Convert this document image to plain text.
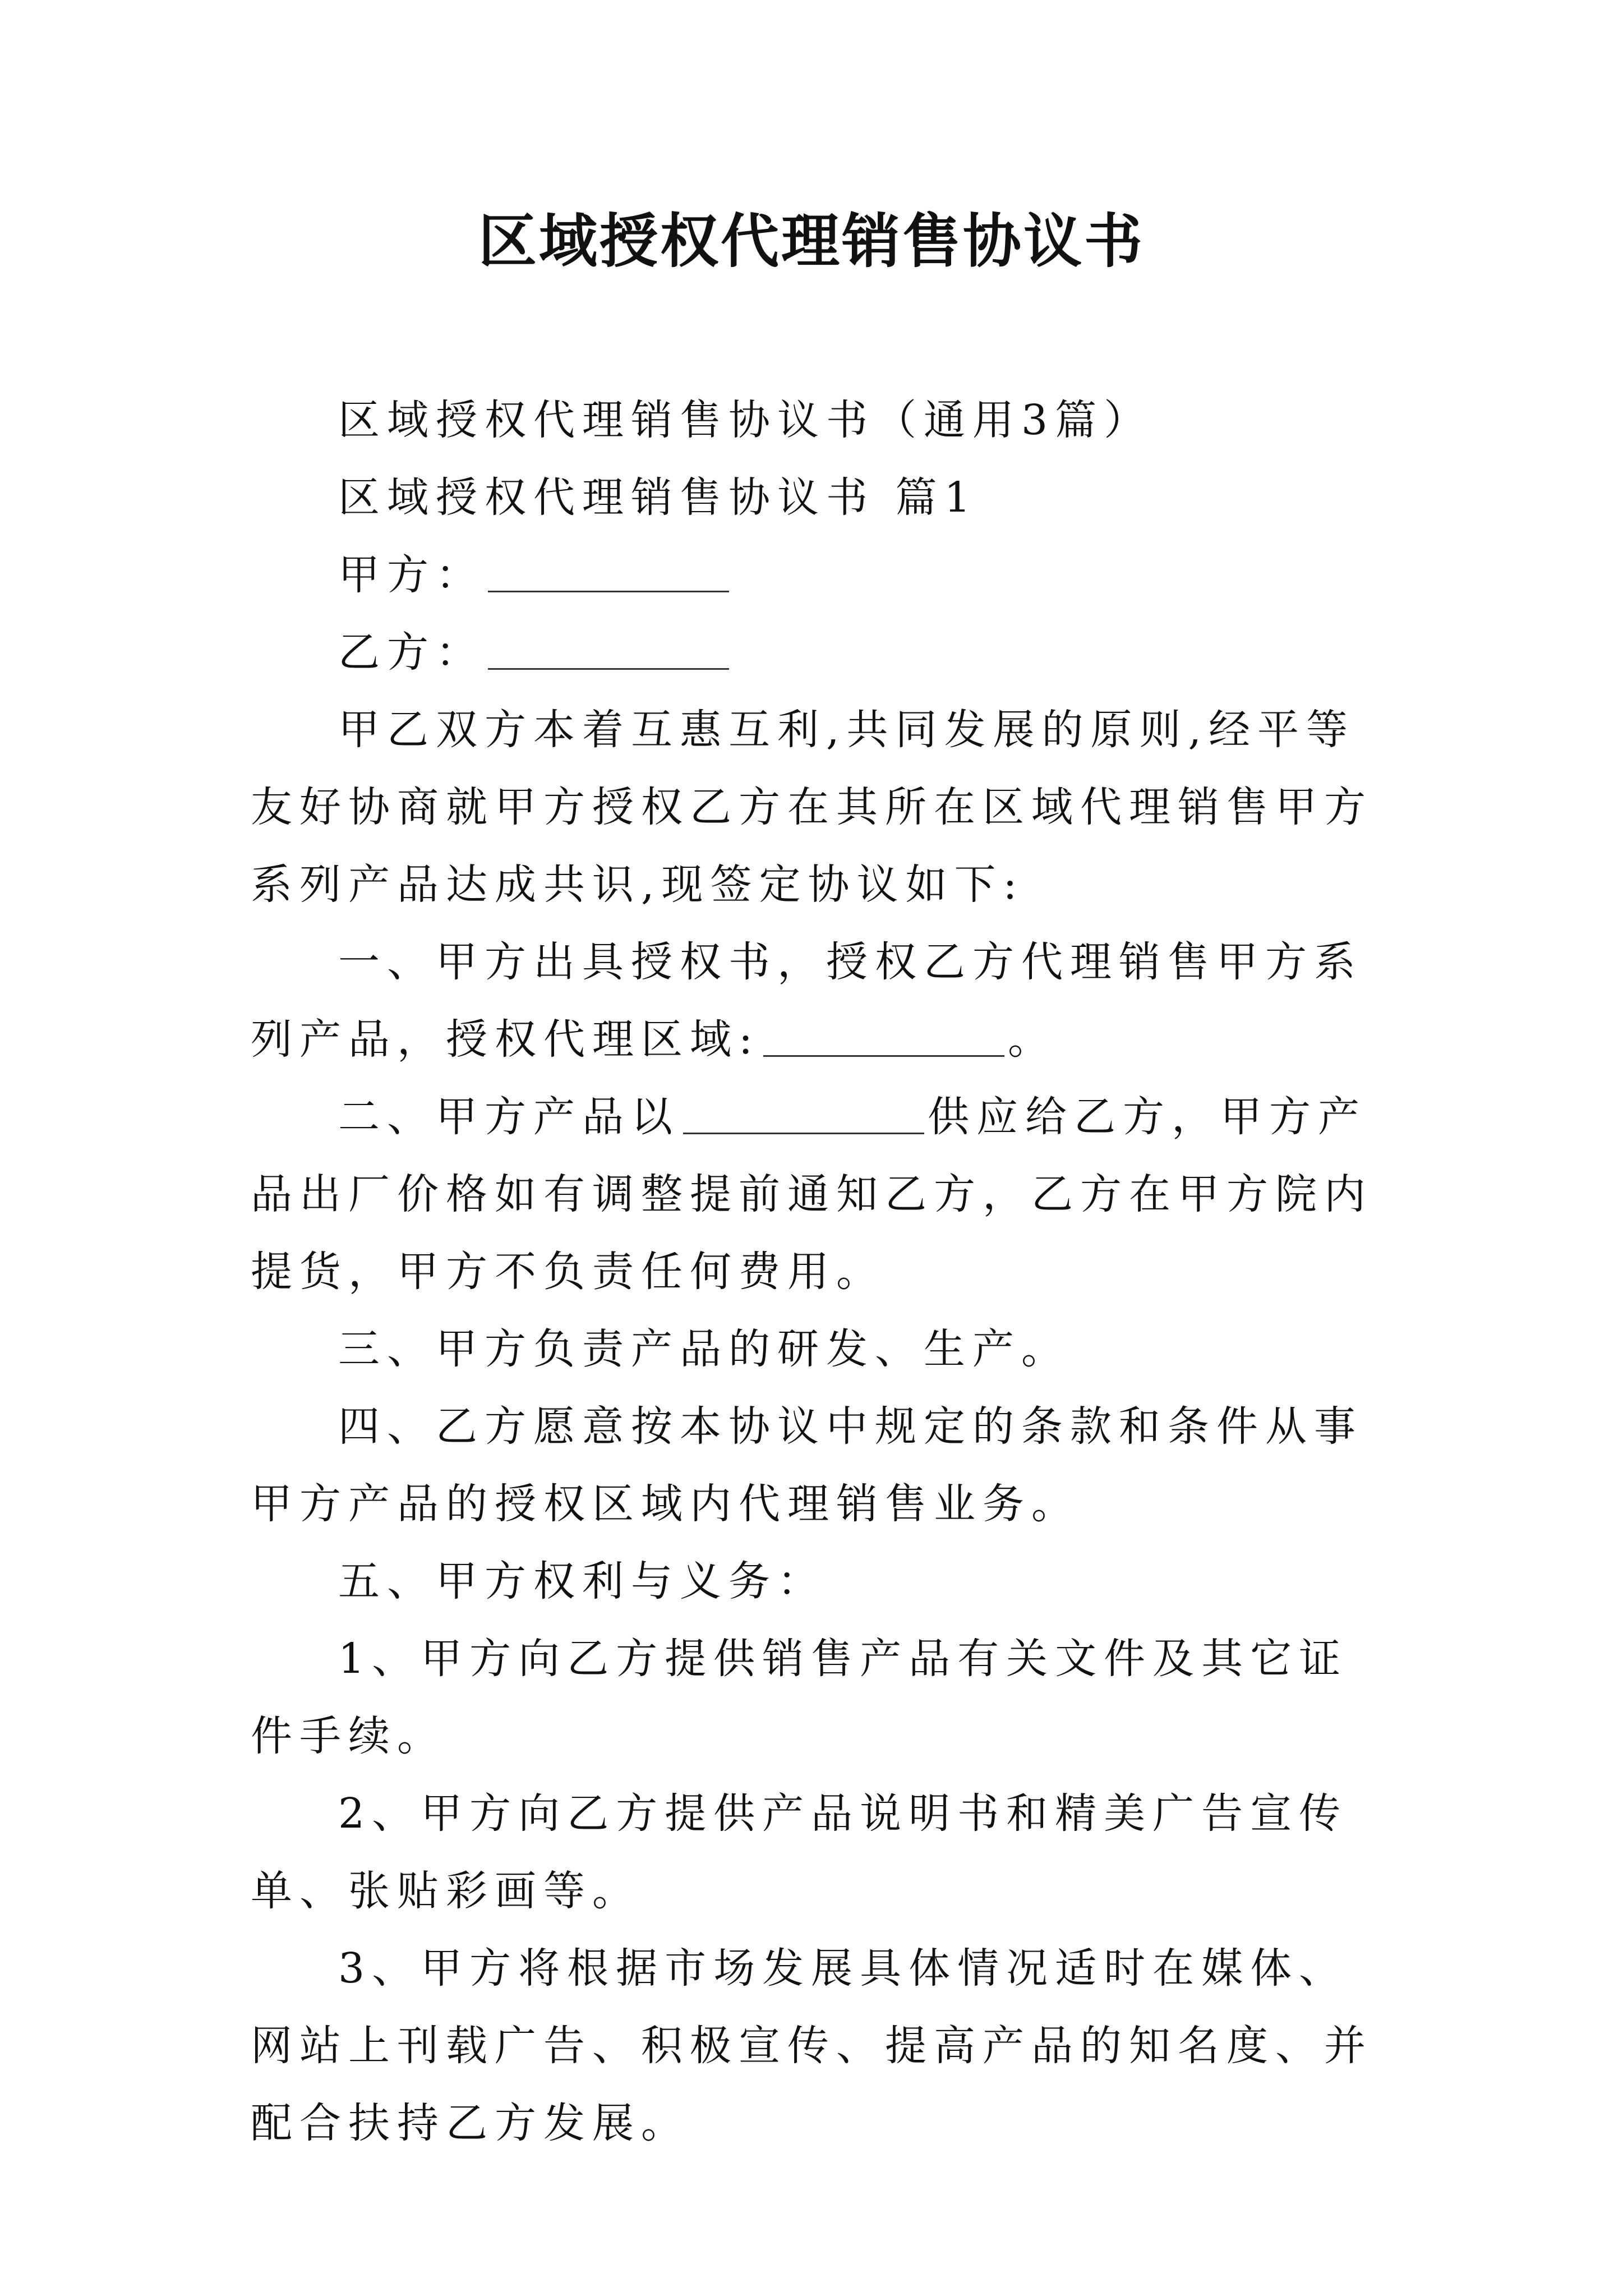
区域授权代理销售协议书

区域授权代理销售协议书（通用3篇）

区域授权代理销售协议书 篇1

甲方：

乙方：

甲乙双方本着互惠互利,共同发展的原则,经平等友好协商就甲方授权乙方在其所在区域代理销售甲方系列产品达成共识,现签定协议如下:

一、甲方出具授权书，授权乙方代理销售甲方系列产品，授权代理区域:	。

二、甲方产品以	供应给乙方，甲方产品出厂价格如有调整提前通知乙方，乙方在甲方院内提货，甲方不负责任何费用。

三、甲方负责产品的研发、生产。

四、乙方愿意按本协议中规定的条款和条件从事甲方产品的授权区域内代理销售业务。

五、甲方权利与义务：

1、甲方向乙方提供销售产品有关文件及其它证件手续。

2、甲方向乙方提供产品说明书和精美广告宣传单、张贴彩画等。

3、甲方将根据市场发展具体情况适时在媒体、网站上刊载广告、积极宣传、提高产品的知名度、并配合扶持乙方发展。
